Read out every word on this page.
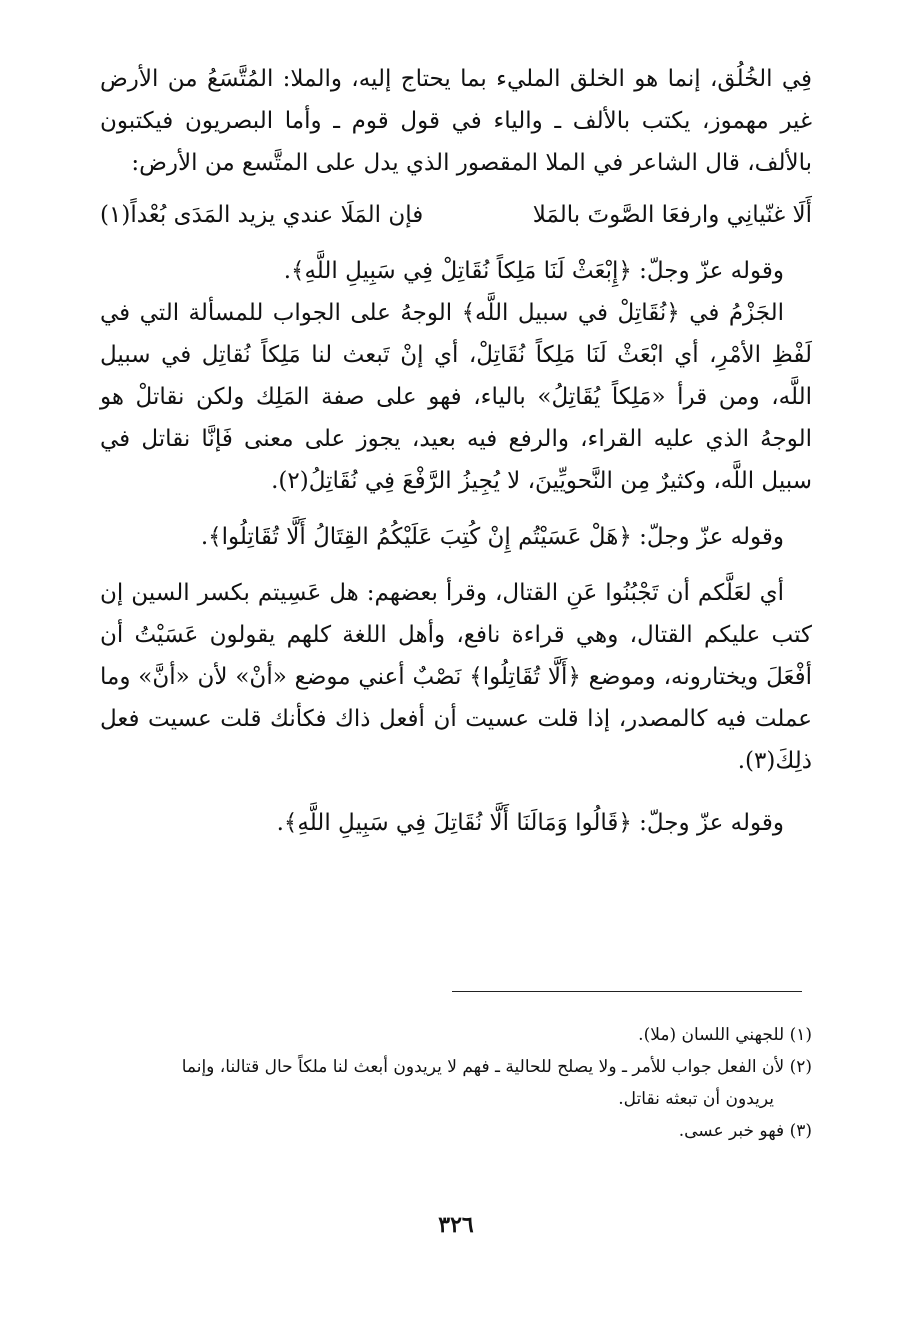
فِي الخُلُق، إنما هو الخلق المليء بما يحتاج إليه، والملا: المُتَّسَعُ من الأرض غير مهموز، يكتب بالألف ـ والياء في قول قوم ـ وأما البصريون فيكتبون بالألف، قال الشاعر في الملا المقصور الذي يدل على المتَّسع من الأرض:

أَلَا غنّيانِي وارفعَا الصَّوتَ بالمَلا
فإن المَلَا عندي يزيد المَدَى بُعْداً(١)

وقوله عزّ وجلّ: ﴿إِبْعَثْ لَنَا مَلِكاً نُقَاتِلْ فِي سَبِيلِ اللَّهِ﴾.

الجَزْمُ في ﴿نُقَاتِلْ في سبيل اللَّه﴾ الوجهُ على الجواب للمسألة التي في لَفْظِ الأمْرِ، أي ابْعَثْ لَنَا مَلِكاً نُقَاتِلْ، أي إنْ تَبعث لنا مَلِكاً نُقاتِل في سبيل اللَّه، ومن قرأ «مَلِكاً يُقَاتِلُ» بالياء، فهو على صفة المَلِك ولكن نقاتلْ هو الوجهُ الذي عليه القراء، والرفع فيه بعيد، يجوز على معنى فَإنَّا نقاتل في سبيل اللَّه، وكثيرٌ مِن النَّحويِّينَ، لا يُجِيزُ الرَّفْعَ فِي نُقَاتِلُ(٢).

وقوله عزّ وجلّ: ﴿هَلْ عَسَيْتُم إِنْ كُتِبَ عَلَيْكُمُ القِتَالُ أَلَّا تُقَاتِلُوا﴾.

أي لعَلَّكم أن تَجْبُنُوا عَنِ القتال، وقرأ بعضهم: هل عَسِيتم بكسر السين إن كتب عليكم القتال، وهي قراءة نافع، وأهل اللغة كلهم يقولون عَسَيْتُ أن أفْعَلَ ويختارونه، وموضع ﴿أَلَّا تُقَاتِلُوا﴾ نَصْبٌ أعني موضع «أنْ» لأن «أنَّ» وما عملت فيه كالمصدر، إذا قلت عسيت أن أفعل ذاك فكأنك قلت عسيت فعل ذلِكَ(٣).

وقوله عزّ وجلّ: ﴿قَالُوا وَمَالَنَا أَلَّا نُقَاتِلَ فِي سَبِيلِ اللَّهِ﴾.

(١) للجهني اللسان (ملا).

(٢) لأن الفعل جواب للأمر ـ ولا يصلح للحالية ـ فهم لا يريدون أبعث لنا ملكاً حال قتالنا، وإنما

يريدون أن تبعثه نقاتل.

(٣) فهو خبر عسى.

٣٢٦
